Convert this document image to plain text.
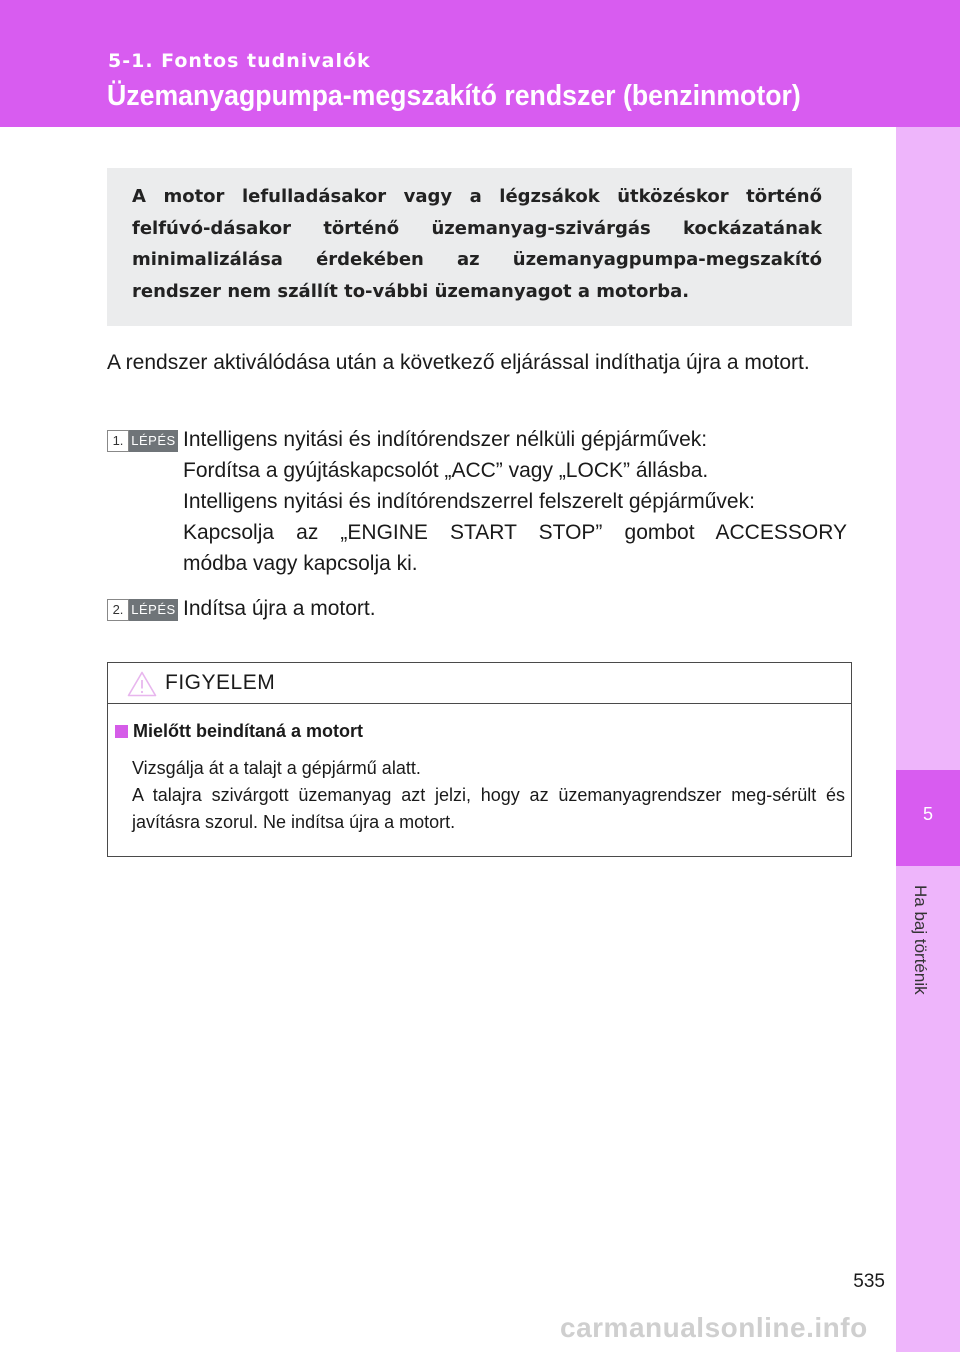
5-1. Fontos tudnivalók
Üzemanyagpumpa-megszakító rendszer (benzinmotor)
5
Ha baj történik
A motor lefulladásakor vagy a légzsákok ütközéskor történő felfúvó-dásakor történő üzemanyag-szivárgás kockázatának minimalizálása érdekében az üzemanyagpumpa-megszakító rendszer nem szállít to-vábbi üzemanyagot a motorba.
A rendszer aktiválódása után a következő eljárással indíthatja újra a motort.
1. LÉPÉS Intelligens nyitási és indítórendszer nélküli gépjárművek:

Fordítsa a gyújtáskapcsolót „ACC” vagy „LOCK” állásba.

Intelligens nyitási és indítórendszerrel felszerelt gépjárművek:

Kapcsolja az „ENGINE START STOP” gombot ACCESSORY

módba vagy kapcsolja ki.

2. LÉPÉS Indítsa újra a motort.

FIGYELEM
Mielőtt beindítaná a motort

Vizsgálja át a talajt a gépjármű alatt.

A talajra szivárgott üzemanyag azt jelzi, hogy az üzemanyagrendszer meg-sérült és javításra szorul. Ne indítsa újra a motort.

535
carmanualsonline.info
